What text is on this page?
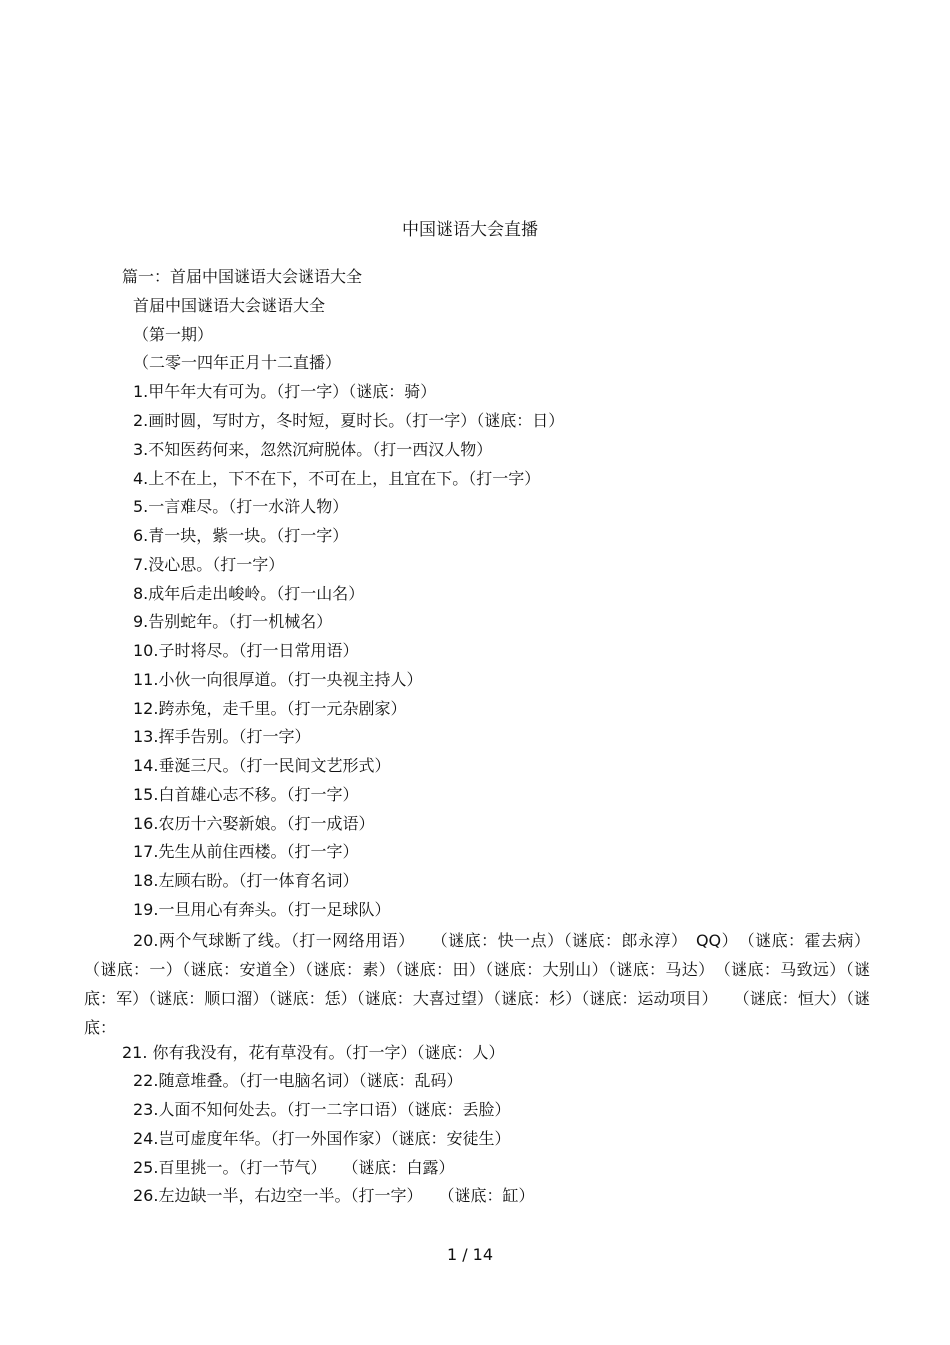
中国谜语大会直播
篇一：首届中国谜语大会谜语大全
首届中国谜语大会谜语大全
（第一期）
（二零一四年正月十二直播）
1.甲午年大有可为。（打一字）（谜底：骑）
2.画时圆，写时方，冬时短，夏时长。（打一字）（谜底：日）
3.不知医药何来，忽然沉疴脱体。（打一西汉人物）
4.上不在上，下不在下，不可在上，且宜在下。（打一字）
5.一言难尽。（打一水浒人物）
6.青一块，紫一块。（打一字）
7.没心思。（打一字）
8.成年后走出峻岭。（打一山名）
9.告别蛇年。（打一机械名）
10.子时将尽。（打一日常用语）
11.小伙一向很厚道。（打一央视主持人）
12.跨赤兔，走千里。（打一元杂剧家）
13.挥手告别。（打一字）
14.垂涎三尺。（打一民间文艺形式）
15.白首雄心志不移。（打一字）
16.农历十六娶新娘。（打一成语）
17.先生从前住西楼。（打一字）
18.左顾右盼。（打一体育名词）
19.一旦用心有奔头。（打一足球队）
20.两个气球断了线。（打一网络用语）　　（谜底：快一点）（谜底：郎永淳）　QQ）　（谜底：霍去病）（谜底：一）（谜底：安道全）（谜底：素）（谜底：田）（谜底：大别山）（谜底：马达）　（谜底：马致远）（谜底：军）（谜底：顺口溜）（谜底：恁）（谜底：大喜过望）（谜底：杉）（谜底：运动项目）　　（谜底：恒大）（谜底：
21. 你有我没有，花有草没有。（打一字）（谜底：人）
22.随意堆叠。（打一电脑名词）（谜底：乱码）
23.人面不知何处去。（打一二字口语）（谜底：丢脸）
24.岂可虚度年华。（打一外国作家）（谜底：安徒生）
25.百里挑一。（打一节气）　　（谜底：白露）
26.左边缺一半，右边空一半。（打一字）　　（谜底：缸）
1 / 14
